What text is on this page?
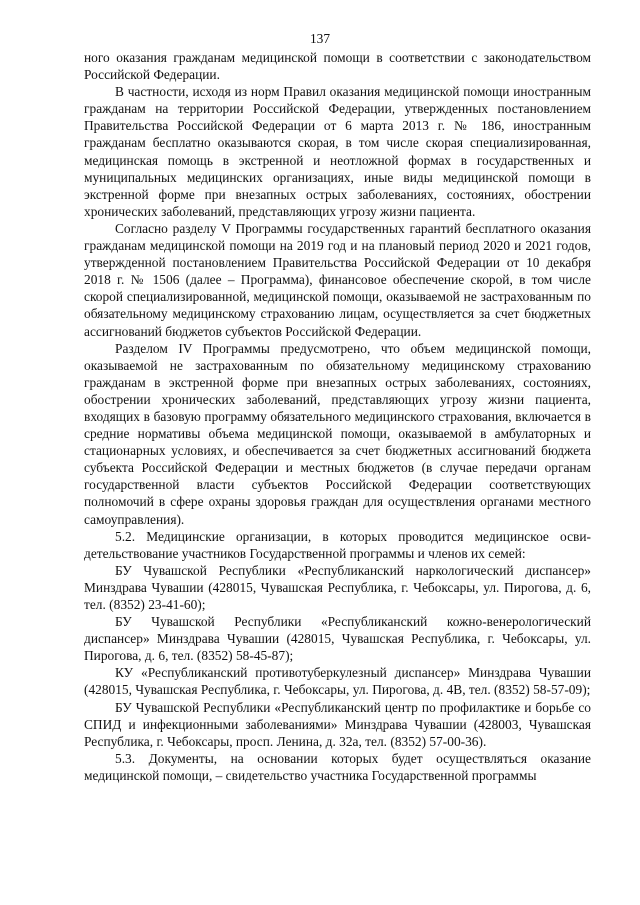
137

ного оказания гражданам медицинской помощи в соответствии с законодательством Российской Федерации.

В частности, исходя из норм Правил оказания медицинской помощи иностранным гражданам на территории Российской Федерации, утвержденных постановлением Правительства Российской Федерации от 6 марта 2013 г. № 186, иностранным гражданам бесплатно оказываются скорая, в том числе скорая специализированная, медицинская помощь в экстренной и неотложной формах в государственных и муниципальных медицинских организациях, иные виды медицинской помощи в экстренной форме при внезапных острых заболеваниях, состояниях, обострении хронических заболеваний, представляющих угрозу жизни пациента.

Согласно разделу V Программы государственных гарантий бесплатного оказания гражданам медицинской помощи на 2019 год и на плановый период 2020 и 2021 годов, утвержденной постановлением Правительства Российской Федерации от 10 декабря 2018 г. № 1506 (далее – Программа), финансовое обеспечение скорой, в том числе скорой специализированной, медицинской помощи, оказываемой не застрахованным по обязательному медицинскому страхованию лицам, осуществляется за счет бюджетных ассигнований бюджетов субъектов Российской Федерации.

Разделом IV Программы предусмотрено, что объем медицинской помощи, оказываемой не застрахованным по обязательному медицинскому страхованию гражданам в экстренной форме при внезапных острых заболеваниях, состояниях, обострении хронических заболеваний, представляющих угрозу жизни пациента, входящих в базовую программу обязательного медицинского страхования, включается в средние нормативы объема медицинской помощи, оказываемой в амбулаторных и стационарных условиях, и обеспечивается за счет бюджетных ассигнований бюджета субъекта Российской Федерации и местных бюджетов (в случае передачи органам государственной власти субъектов Российской Федерации соответствующих полномочий в сфере охраны здоровья граждан для осуществления органами местного самоуправления).

5.2. Медицинские организации, в которых проводится медицинское освидетельствование участников Государственной программы и членов их семей:

БУ Чувашской Республики «Республиканский наркологический диспансер» Минздрава Чувашии (428015, Чувашская Республика, г. Чебоксары, ул. Пирогова, д. 6, тел. (8352) 23-41-60);

БУ Чувашской Республики «Республиканский кожно-венерологический диспансер» Минздрава Чувашии (428015, Чувашская Республика, г. Чебоксары, ул. Пирогова, д. 6, тел. (8352) 58-45-87);

КУ «Республиканский противотуберкулезный диспансер» Минздрава Чувашии (428015, Чувашская Республика, г. Чебоксары, ул. Пирогова, д. 4В, тел. (8352) 58-57-09);

БУ Чувашской Республики «Республиканский центр по профилактике и борьбе со СПИД и инфекционными заболеваниями» Минздрава Чувашии (428003, Чувашская Республика, г. Чебоксары, просп. Ленина, д. 32а, тел. (8352) 57-00-36).

5.3. Документы, на основании которых будет осуществляться оказание медицинской помощи, – свидетельство участника Государственной программы
